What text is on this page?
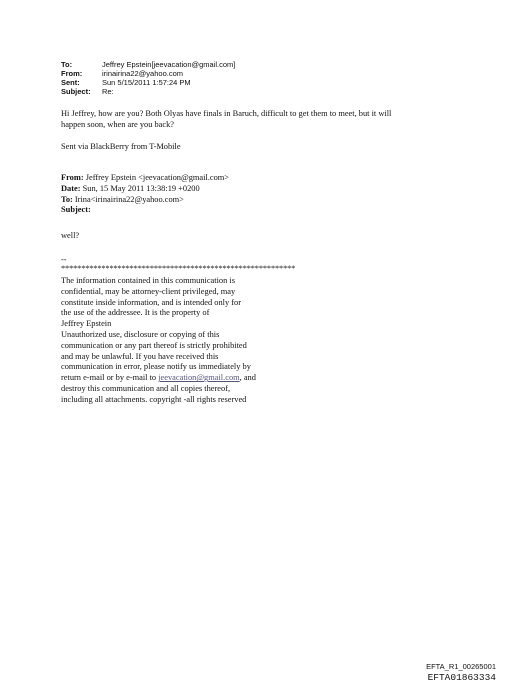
To:	Jeffrey Epstein[jeevacation@gmail.com]
From:	irinairina22@yahoo.com
Sent:	Sun 5/15/2011 1:57:24 PM
Subject:	Re:
Hi Jeffrey, how are you? Both Olyas have finals in Baruch, difficult to get them to meet, but it will
happen soon, when are you back?
Sent via BlackBerry from T-Mobile
From: Jeffrey Epstein <jeevacation@gmail.com>
Date: Sun, 15 May 2011 13:38:19 +0200
To: Irina<irinairina22@yahoo.com>
Subject:
well?
--
**********************************************************
The information contained in this communication is
confidential, may be attorney-client privileged, may
constitute inside information, and is intended only for
the use of the addressee. It is the property of
Jeffrey Epstein
Unauthorized use, disclosure or copying of this
communication or any part thereof is strictly prohibited
and may be unlawful. If you have received this
communication in error, please notify us immediately by
return e-mail or by e-mail to jeevacation@gmail.com, and
destroy this communication and all copies thereof,
including all attachments. copyright -all rights reserved
EFTA_R1_00265001
EFTA01863334
